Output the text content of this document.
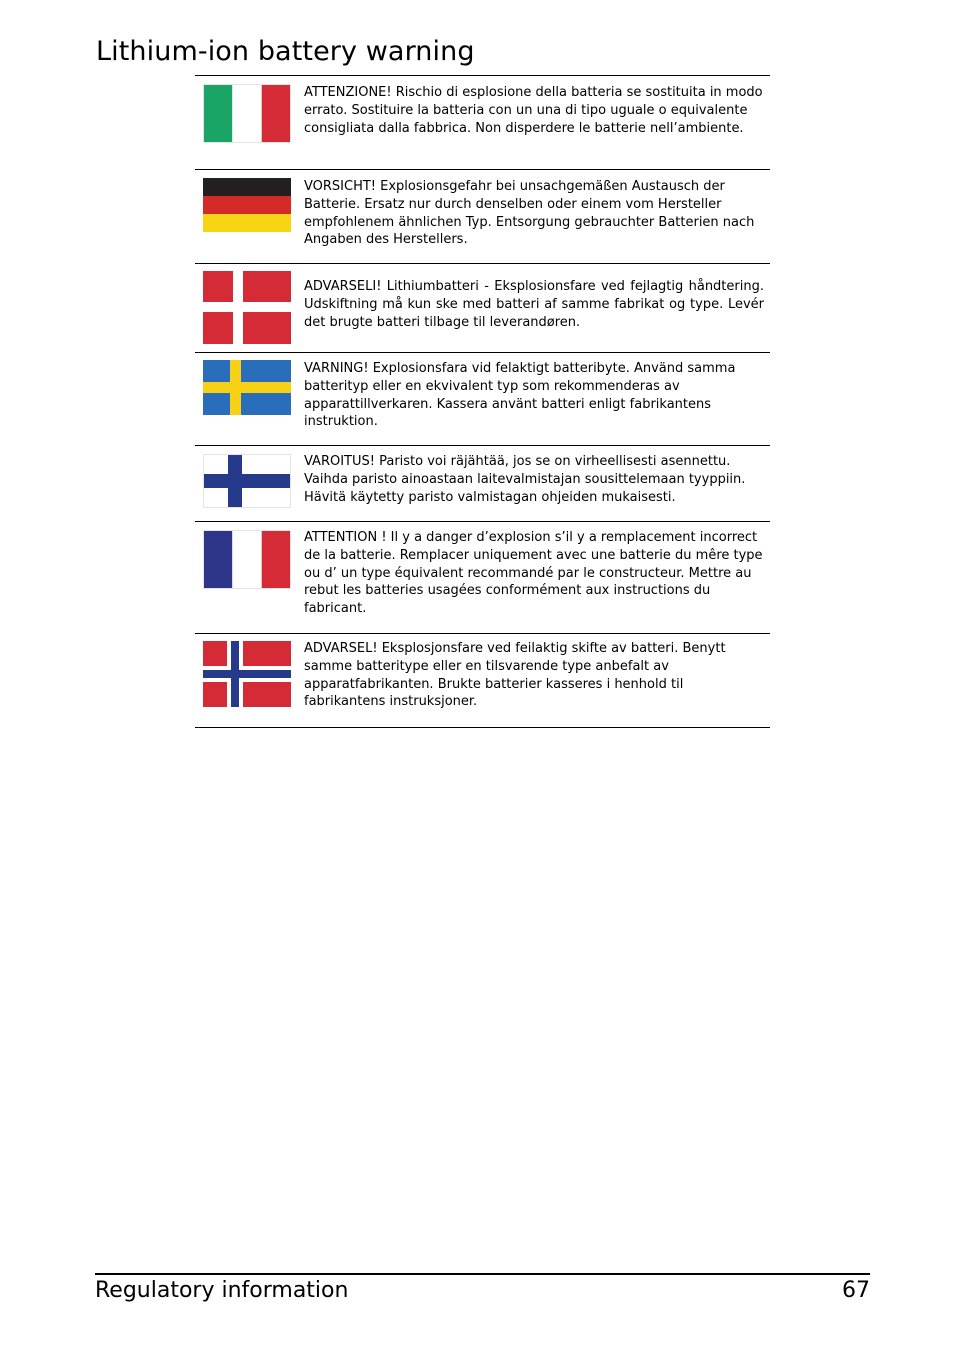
Lithium-ion battery warning
ATTENZIONE! Rischio di esplosione della batteria se sostituita in modo errato. Sostituire la batteria con un una di tipo uguale o equivalente consigliata dalla fabbrica. Non disperdere le batterie nell’ambiente.
VORSICHT! Explosionsgefahr bei unsachgemäßen Austausch der Batterie. Ersatz nur durch denselben oder einem vom Hersteller empfohlenem ähnlichen Typ. Entsorgung gebrauchter Batterien nach Angaben des Herstellers.
ADVARSELI! Lithiumbatteri - Eksplosionsfare ved fejlagtig håndtering. Udskiftning må kun ske med batteri af samme fabrikat og type. Levér det brugte batteri tilbage til leverandøren.
VARNING! Explosionsfara vid felaktigt batteribyte. Använd samma batterityp eller en ekvivalent typ som rekommenderas av apparattillverkaren. Kassera använt batteri enligt fabrikantens instruktion.
VAROITUS! Paristo voi räjähtää, jos se on virheellisesti asennettu. Vaihda paristo ainoastaan laitevalmistajan sousittelemaan tyyppiin. Hävitä käytetty paristo valmistagan ohjeiden mukaisesti.
ATTENTION ! Il y a danger d’explosion s’il y a remplacement incorrect de la batterie. Remplacer uniquement avec une batterie du mêre type ou d’ un type équivalent recommandé par le constructeur. Mettre au rebut les batteries usagées conformément aux instructions du fabricant.
ADVARSEL! Eksplosjonsfare ved feilaktig skifte av batteri. Benytt samme batteritype eller en tilsvarende type anbefalt av apparatfabrikanten. Brukte batterier kasseres i henhold til fabrikantens instruksjoner.
Regulatory information	67
